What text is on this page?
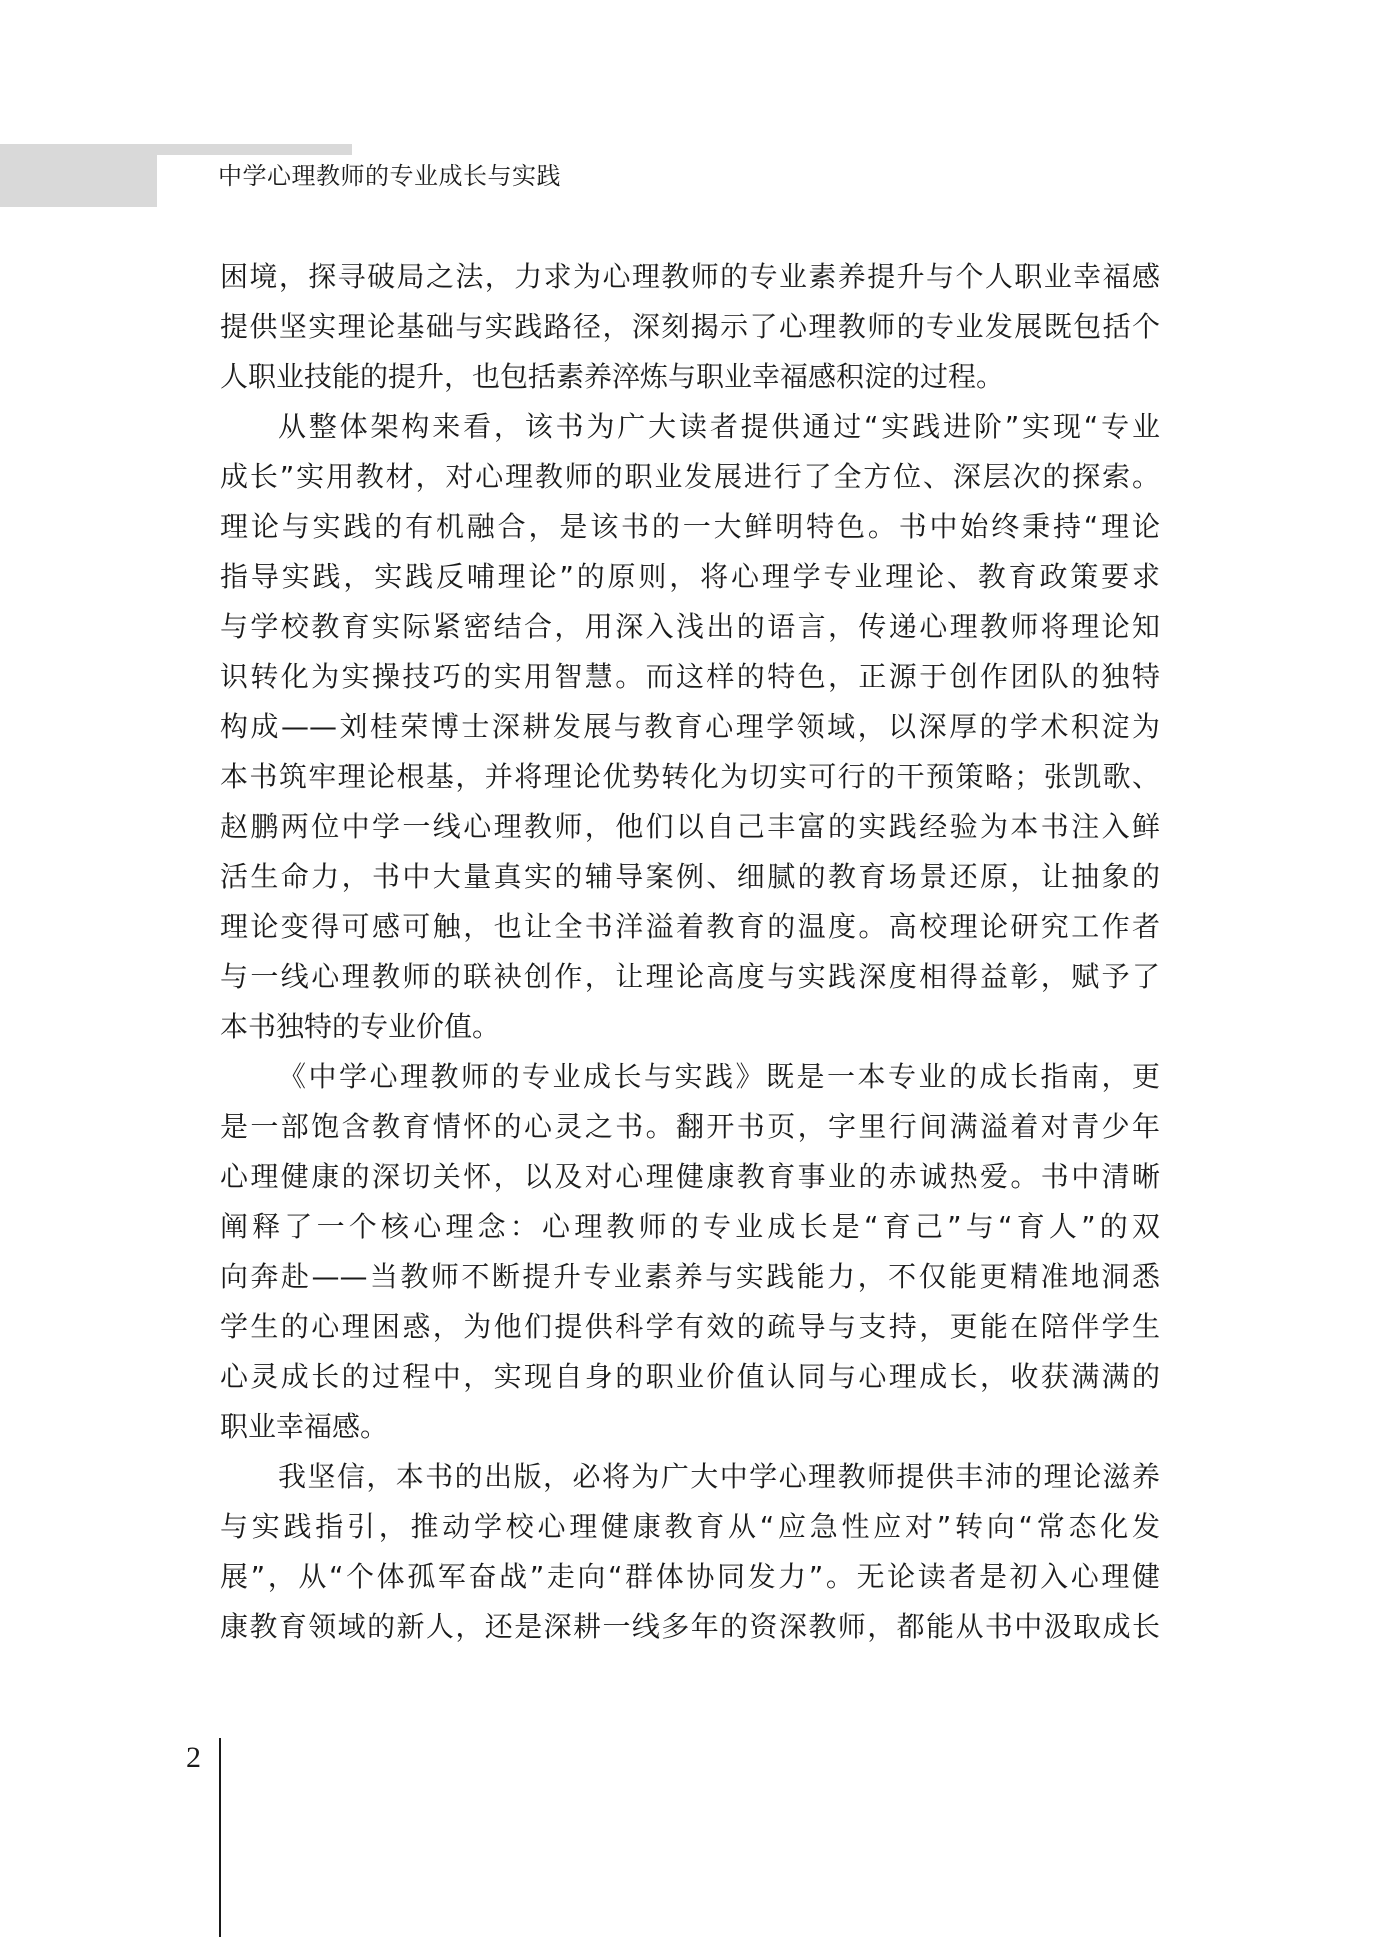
中学心理教师的专业成长与实践
困境，探寻破局之法，力求为心理教师的专业素养提升与个人职业幸福感
提供坚实理论基础与实践路径，深刻揭示了心理教师的专业发展既包括个
人职业技能的提升，也包括素养淬炼与职业幸福感积淀的过程。
从整体架构来看，该书为广大读者提供通过“实践进阶”实现“专业
成长”实用教材，对心理教师的职业发展进行了全方位、深层次的探索。
理论与实践的有机融合，是该书的一大鲜明特色。书中始终秉持“理论
指导实践，实践反哺理论”的原则，将心理学专业理论、教育政策要求
与学校教育实际紧密结合，用深入浅出的语言，传递心理教师将理论知
识转化为实操技巧的实用智慧。而这样的特色，正源于创作团队的独特
构成——刘桂荣博士深耕发展与教育心理学领域，以深厚的学术积淀为
本书筑牢理论根基，并将理论优势转化为切实可行的干预策略；张凯歌、
赵鹏两位中学一线心理教师，他们以自己丰富的实践经验为本书注入鲜
活生命力，书中大量真实的辅导案例、细腻的教育场景还原，让抽象的
理论变得可感可触，也让全书洋溢着教育的温度。高校理论研究工作者
与一线心理教师的联袂创作，让理论高度与实践深度相得益彰，赋予了
本书独特的专业价值。
《中学心理教师的专业成长与实践》既是一本专业的成长指南，更
是一部饱含教育情怀的心灵之书。翻开书页，字里行间满溢着对青少年
心理健康的深切关怀，以及对心理健康教育事业的赤诚热爱。书中清晰
阐释了一个核心理念：心理教师的专业成长是“育己”与“育人”的双
向奔赴——当教师不断提升专业素养与实践能力，不仅能更精准地洞悉
学生的心理困惑，为他们提供科学有效的疏导与支持，更能在陪伴学生
心灵成长的过程中，实现自身的职业价值认同与心理成长，收获满满的
职业幸福感。
我坚信，本书的出版，必将为广大中学心理教师提供丰沛的理论滋养
与实践指引，推动学校心理健康教育从“应急性应对”转向“常态化发
展”，从“个体孤军奋战”走向“群体协同发力”。无论读者是初入心理健
康教育领域的新人，还是深耕一线多年的资深教师，都能从书中汲取成长
2
